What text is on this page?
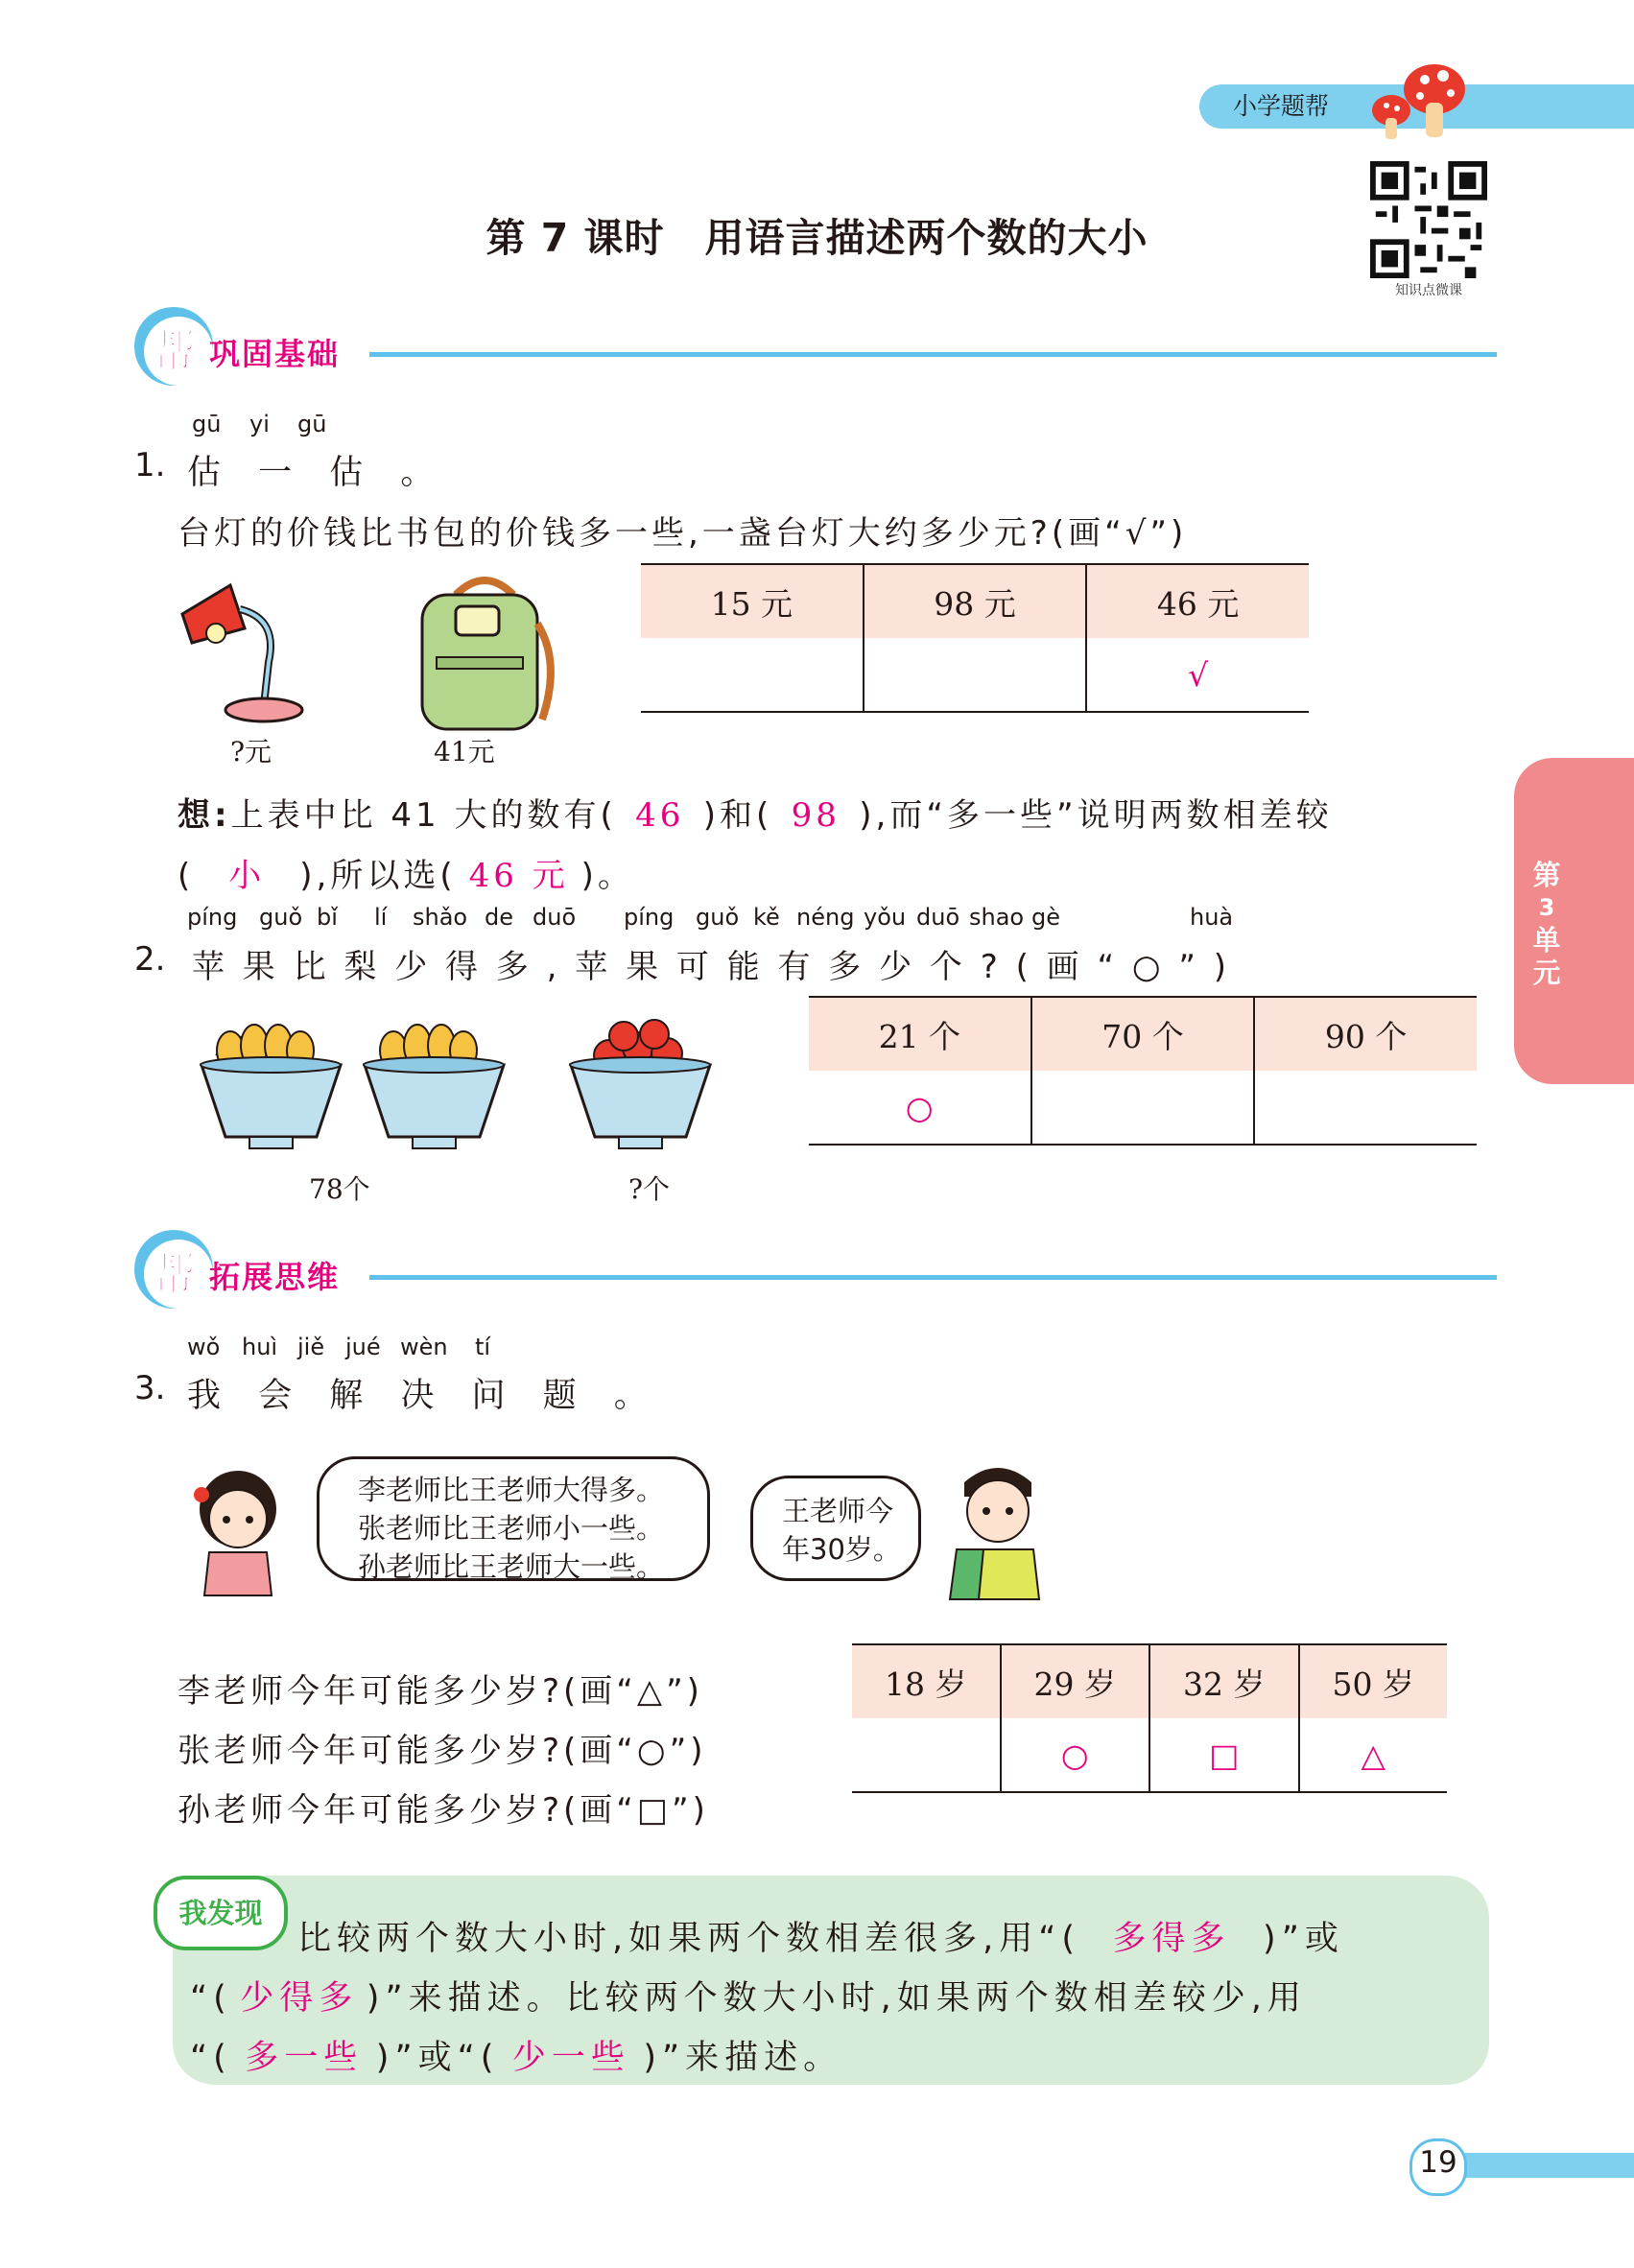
小学题帮
知识点微课
第 7 课时　用语言描述两个数的大小
帮 巩固基础
gū yi gū
1. 估 一 估 。
台灯的价钱比书包的价钱多一些,一盏台灯大约多少元?(画“√”)
?元	41元
15 元	98 元	46 元
		√
想:上表中比 41 大的数有( 46 )和( 98 ),而“多一些”说明两数相差较
( 小 ),所以选( 46 元 )。
píng guǒ bǐ lí shǎo de duō píng guǒ kě néng yǒu duō shao gè	huà
2. 苹 果 比 梨 少 得 多 , 苹 果 可 能 有 多 少 个 ? ( 画 “ ○ ” )
78个	?个
21 个	70 个	90 个
○		
第
3
单
元
帮 拓展思维
wǒ huì jiě jué wèn tí
3. 我 会 解 决 问 题 。
李老师比王老师大得多。
张老师比王老师小一些。
孙老师比王老师大一些。
王老师今
年30岁。
李老师今年可能多少岁?(画“△”)
张老师今年可能多少岁?(画“○”)
孙老师今年可能多少岁?(画“□”)
18 岁	29 岁	32 岁	50 岁
	○	□	△
我发现
比较两个数大小时,如果两个数相差很多,用“( 多得多 )”或
“( 少得多 )”来描述。比较两个数大小时,如果两个数相差较少,用
“( 多一些 )”或“( 少一些 )”来描述。
19
